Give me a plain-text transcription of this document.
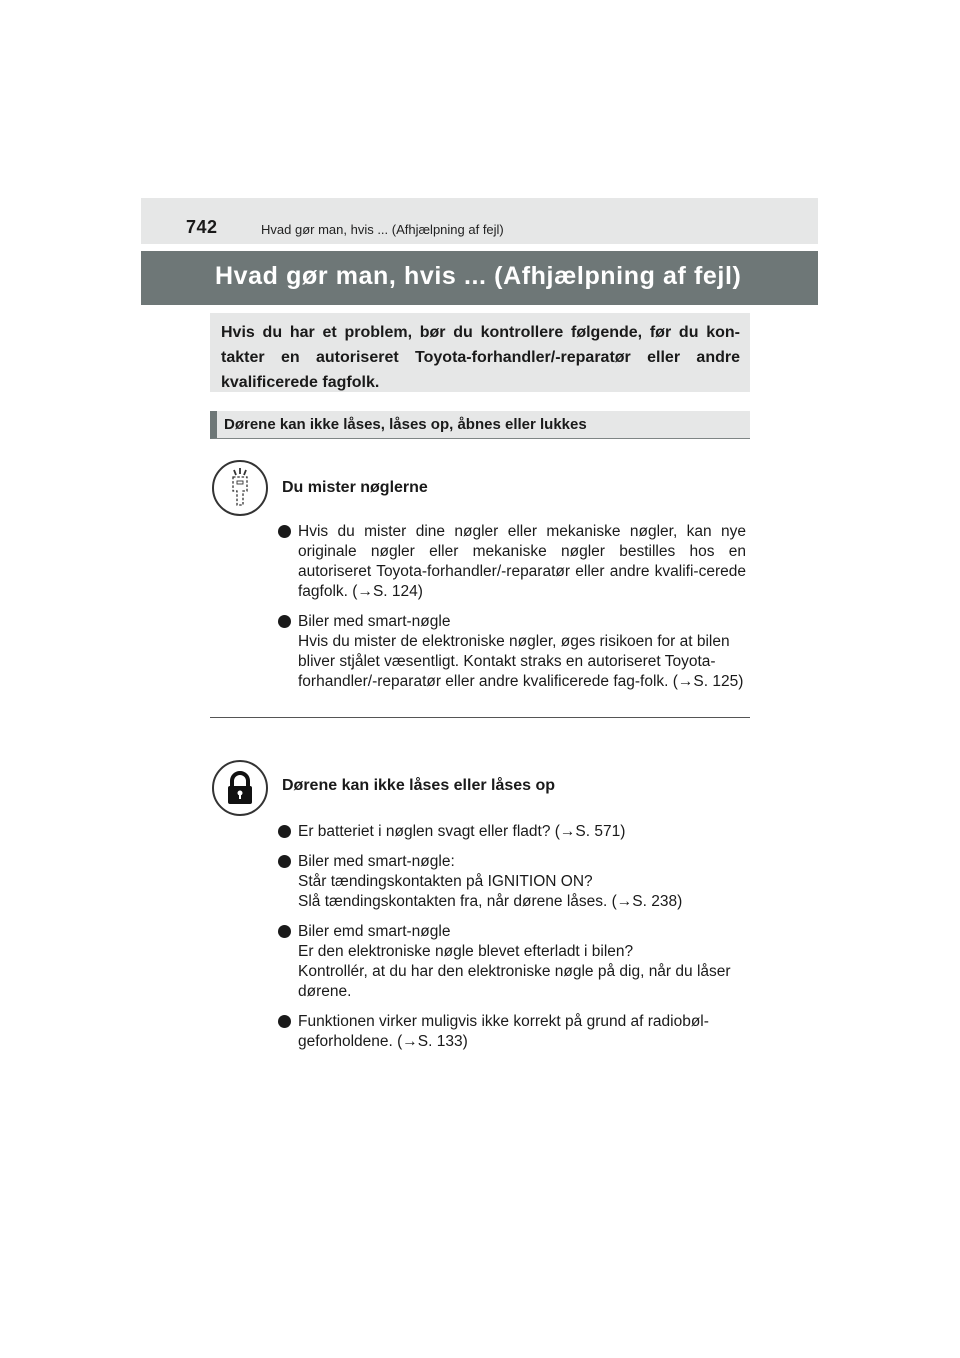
742	Hvad gør man, hvis ... (Afhjælpning af fejl)
Hvad gør man, hvis ... (Afhjælpning af fejl)

Hvis du har et problem, bør du kontrollere følgende, før du kon-takter en autoriseret Toyota-forhandler/-reparatør eller andre kvalificerede fagfolk.

Dørene kan ikke låses, låses op, åbnes eller lukkes
Du mister nøglerne
Hvis du mister dine nøgler eller mekaniske nøgler, kan nye originale nøgler eller mekaniske nøgler bestilles hos en autoriseret Toyota-forhandler/-reparatør eller andre kvalifi-cerede fagfolk. (→S. 124)
Biler med smart-nøgle
Hvis du mister de elektroniske nøgler, øges risikoen for at bilen bliver stjålet væsentligt. Kontakt straks en autoriseret Toyota-forhandler/-reparatør eller andre kvalificerede fag-folk. (→S. 125)
Dørene kan ikke låses eller låses op
Er batteriet i nøglen svagt eller fladt? (→S. 571)
Biler med smart-nøgle:
Står tændingskontakten på IGNITION ON?
Slå tændingskontakten fra, når dørene låses. (→S. 238)
Biler emd smart-nøgle
Er den elektroniske nøgle blevet efterladt i bilen?
Kontrollér, at du har den elektroniske nøgle på dig, når du låser dørene.
Funktionen virker muligvis ikke korrekt på grund af radiobøl-geforholdene. (→S. 133)
